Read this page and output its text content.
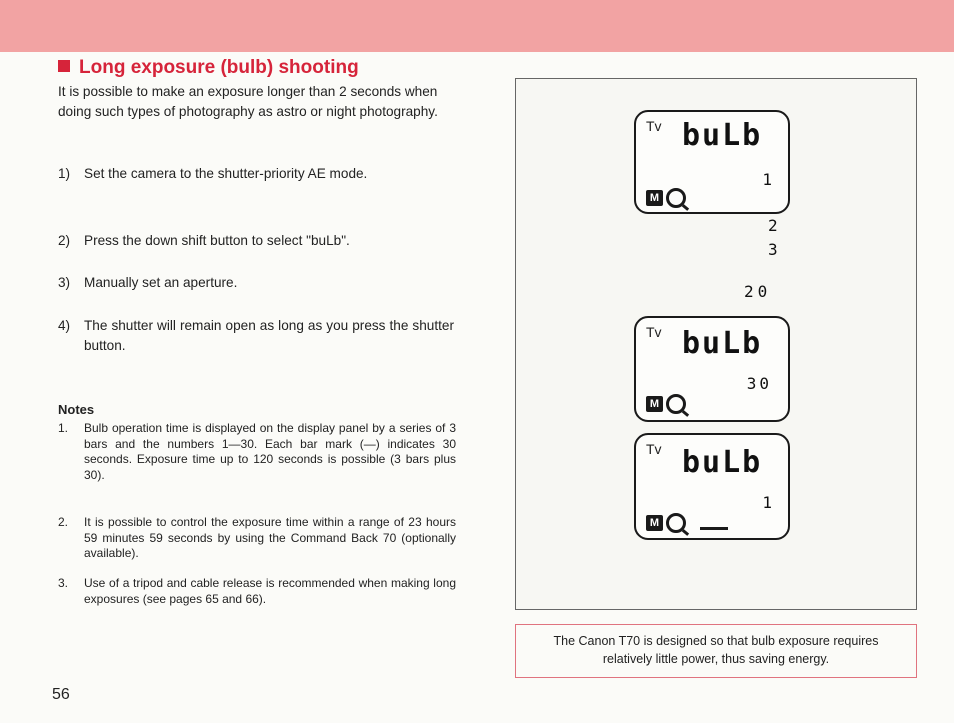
Long exposure (bulb) shooting
It is possible to make an exposure longer than 2 seconds when doing such types of photography as astro or night photography.
1)	Set the camera to the shutter-priority AE mode.
2)	Press the down shift button to select "buLb".
3)	Manually set an aperture.
4)	The shutter will remain open as long as you press the shutter button.
Notes
1.	Bulb operation time is displayed on the display panel by a series of 3 bars and the numbers 1—30. Each bar mark (—) indicates 30 seconds. Exposure time up to 120 seconds is possible (3 bars plus 30).
2.	It is possible to control the exposure time within a range of 23 hours 59 minutes 59 seconds by using the Command Back 70 (optionally available).
3.	Use of a tripod and cable release is recommended when making long exposures (see pages 65 and 66).
56
Tv buLb
1
M
2
3
20
Tv buLb
30
M
Tv buLb
1
M
The Canon T70 is designed so that bulb exposure requires relatively little power, thus saving energy.
